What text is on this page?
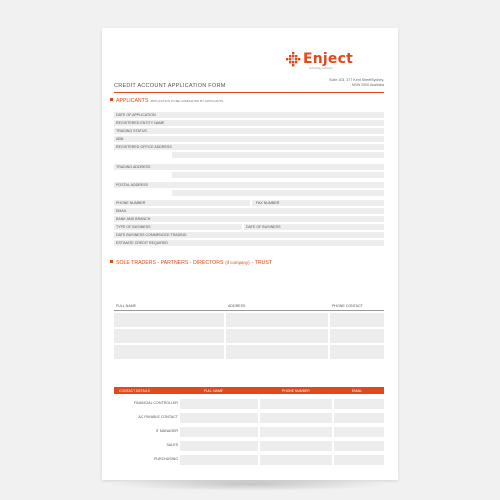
Enject
technology solutions
Suite 103, 377 Kent StreetSydney,
NSW 2000 Australia
CREDIT ACCOUNT APPLICATION FORM
APPLICANTS APPLICATION TO BE COMPLETED BY APPLICANTS
DATE OF APPLICATION
REGISTERED ENTITY NAME
TRADING STATUS
ABN
REGISTERED OFFICE ADDRESS
TRADING ADDRESS
POSTAL ADDRESS
PHONE NUMBER	FAX NUMBER
EMAIL
BANK AND BRANCH
TYPE OF BUSINESS	DATE OF BUSINESS
DATE BUSINESS COMMENCED TRADING
ESTIMATE CREDIT REQUIRED
SOLE TRADERS - PARTNERS - DIRECTORS (if company) - TRUST
FULL NAME	ADDRESS	PHONE CONTACT
CONTACT DETAILS	FULL NAME	PHONE NUMBER	EMAIL
FINANCIAL CONTROLLER
AC PAYABLE CONTACT
IT MANAGER
SALES
PURCHASING
